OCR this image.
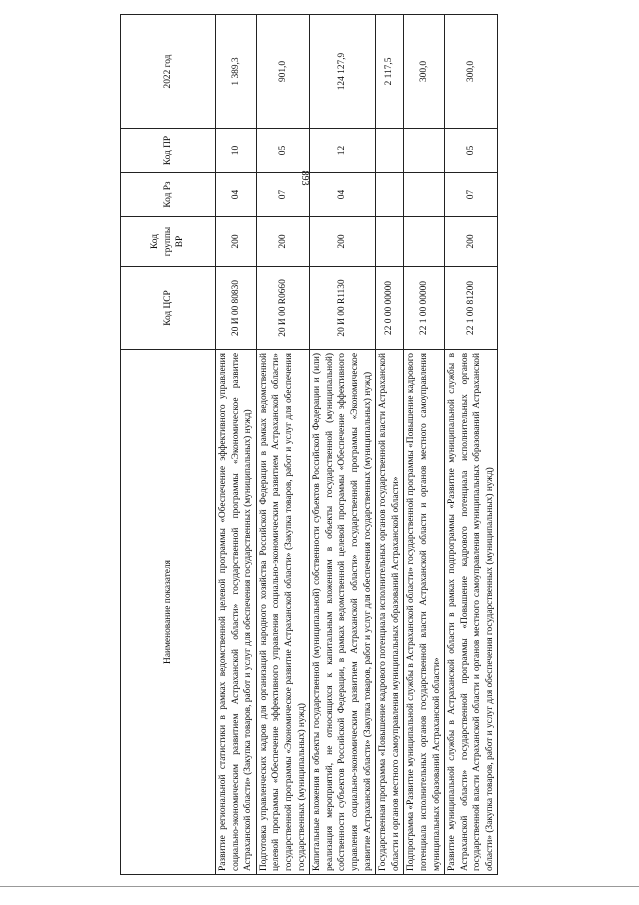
893
Наименование показателя	Код ЦСР	Код группы ВР	Код Рз	Код ПР	2022 год
Развитие региональной статистики в рамках ведомственной целевой программы «Обеспечение эффективного управления социально-экономическим развитием Астраханской области» государственной программы «Экономическое развитие Астраханской области» (Закупка товаров, работ и услуг для обеспечения государственных (муниципальных) нужд)	20 И 00 80830	200	04	10	1 389,3
Подготовка управленческих кадров для организаций народного хозяйства Российской Федерации в рамках ведомственной целевой программы «Обеспечение эффективного управления социально-экономическим развитием Астраханской области» государственной программы «Экономическое развитие Астраханской области» (Закупка товаров, работ и услуг для обеспечения государственных (муниципальных) нужд)	20 И 00 R0660	200	07	05	901,0
Капитальные вложения в объекты государственной (муниципальной) собственности субъектов Российской Федерации и (или) реализация мероприятий, не относящихся к капитальным вложениям в объекты государственной (муниципальной) собственности субъектов Российской Федерации, в рамках ведомственной целевой программы «Обеспечение эффективного управления социально-экономическим развитием Астраханской области» государственной программы «Экономическое развитие Астраханской области» (Закупка товаров, работ и услуг для обеспечения государственных (муниципальных) нужд)	20 И 00 R1130	200	04	12	124 127,9
Государственная программа «Повышение кадрового потенциала исполнительных органов государственной власти Астраханской области и органов местного самоуправления муниципальных образований Астраханской области»	22 0 00 00000				2 117,5
Подпрограмма «Развитие муниципальной службы в Астраханской области» государственной программы «Повышение кадрового потенциала исполнительных органов государственной власти Астраханской области и органов местного самоуправления муниципальных образований Астраханской области»	22 1 00 00000				300,0
Развитие муниципальной службы в Астраханской области в рамках подпрограммы «Развитие муниципальной службы в Астраханской области» государственной программы «Повышение кадрового потенциала исполнительных органов государственной власти Астраханской области и органов местного самоуправления муниципальных образований Астраханской области» (Закупка товаров, работ и услуг для обеспечения государственных (муниципальных) нужд)	22 1 00 81200	200	07	05	300,0
